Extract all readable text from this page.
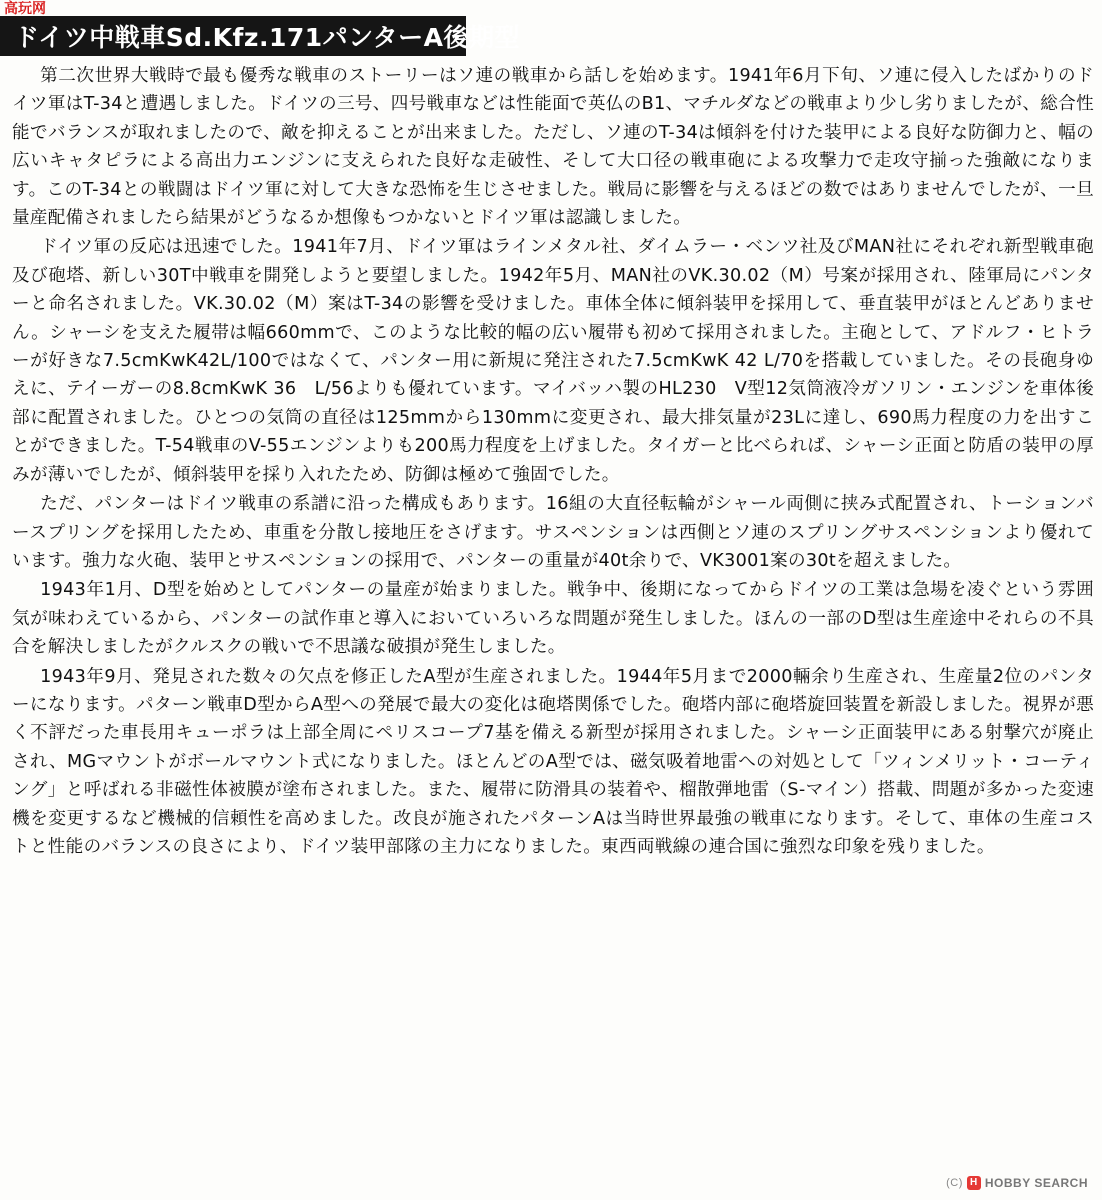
高玩网
ドイツ中戦車Sd.Kfz.171パンターA後期型

第二次世界大戦時で最も優秀な戦車のストーリーはソ連の戦車から話しを始めます。1941年6月下旬、ソ連に侵入したばかりのドイツ軍はT-34と遭遇しました。ドイツの三号、四号戦車などは性能面で英仏のB1、マチルダなどの戦車より少し劣りましたが、総合性能でバランスが取れましたので、敵を抑えることが出来ました。ただし、ソ連のT-34は傾斜を付けた装甲による良好な防御力と、幅の広いキャタピラによる高出力エンジンに支えられた良好な走破性、そして大口径の戦車砲による攻撃力で走攻守揃った強敵になります。このT-34との戦闘はドイツ軍に対して大きな恐怖を生じさせました。戦局に影響を与えるほどの数ではありませんでしたが、一旦量産配備されましたら結果がどうなるか想像もつかないとドイツ軍は認識しました。

ドイツ軍の反応は迅速でした。1941年7月、ドイツ軍はラインメタル社、ダイムラー・ベンツ社及びMAN社にそれぞれ新型戦車砲及び砲塔、新しい30T中戦車を開発しようと要望しました。1942年5月、MAN社のVK.30.02（M）号案が採用され、陸軍局にパンターと命名されました。VK.30.02（M）案はT-34の影響を受けました。車体全体に傾斜装甲を採用して、垂直装甲がほとんどありません。シャーシを支えた履帯は幅660mmで、このような比較的幅の広い履帯も初めて採用されました。主砲として、アドルフ・ヒトラーが好きな7.5cmKwK42L/100ではなくて、パンター用に新規に発注された7.5cmKwK 42 L/70を搭載していました。その長砲身ゆえに、テイーガーの8.8cmKwK 36　L/56よりも優れています。マイバッハ製のHL230　V型12気筒液冷ガソリン・エンジンを車体後部に配置されました。ひとつの気筒の直径は125mmから130mmに変更され、最大排気量が23Lに達し、690馬力程度の力を出すことができました。T-54戦車のV-55エンジンよりも200馬力程度を上げました。タイガーと比べられば、シャーシ正面と防盾の装甲の厚みが薄いでしたが、傾斜装甲を採り入れたため、防御は極めて強固でした。

ただ、パンターはドイツ戦車の系譜に沿った構成もあります。16組の大直径転輪がシャール両側に挟み式配置され、トーションバースプリングを採用したため、車重を分散し接地圧をさげます。サスペンションは西側とソ連のスプリングサスペンションより優れています。強力な火砲、装甲とサスペンションの採用で、パンターの重量が40t余りで、VK3001案の30tを超えました。

1943年1月、D型を始めとしてパンターの量産が始まりました。戦争中、後期になってからドイツの工業は急場を凌ぐという雰囲気が味わえているから、パンターの試作車と導入においていろいろな問題が発生しました。ほんの一部のD型は生産途中それらの不具合を解決しましたがクルスクの戦いで不思議な破損が発生しました。

1943年9月、発見された数々の欠点を修正したA型が生産されました。1944年5月まで2000輛余り生産され、生産量2位のパンターになります。パターン戦車D型からA型への発展で最大の変化は砲塔関係でした。砲塔内部に砲塔旋回装置を新設しました。視界が悪く不評だった車長用キューポラは上部全周にペリスコープ7基を備える新型が採用されました。シャーシ正面装甲にある射撃穴が廃止され、MGマウントがボールマウント式になりました。ほとんどのA型では、磁気吸着地雷への対処として「ツィンメリット・コーティング」と呼ばれる非磁性体被膜が塗布されました。また、履帯に防滑具の装着や、榴散弾地雷（S-マイン）搭載、問題が多かった変速機を変更するなど機械的信頼性を高めました。改良が施されたパターンAは当時世界最強の戦車になります。そして、車体の生産コストと性能のバランスの良さにより、ドイツ装甲部隊の主力になりました。東西両戦線の連合国に強烈な印象を残りました。

(C) H HOBBY SEARCH
